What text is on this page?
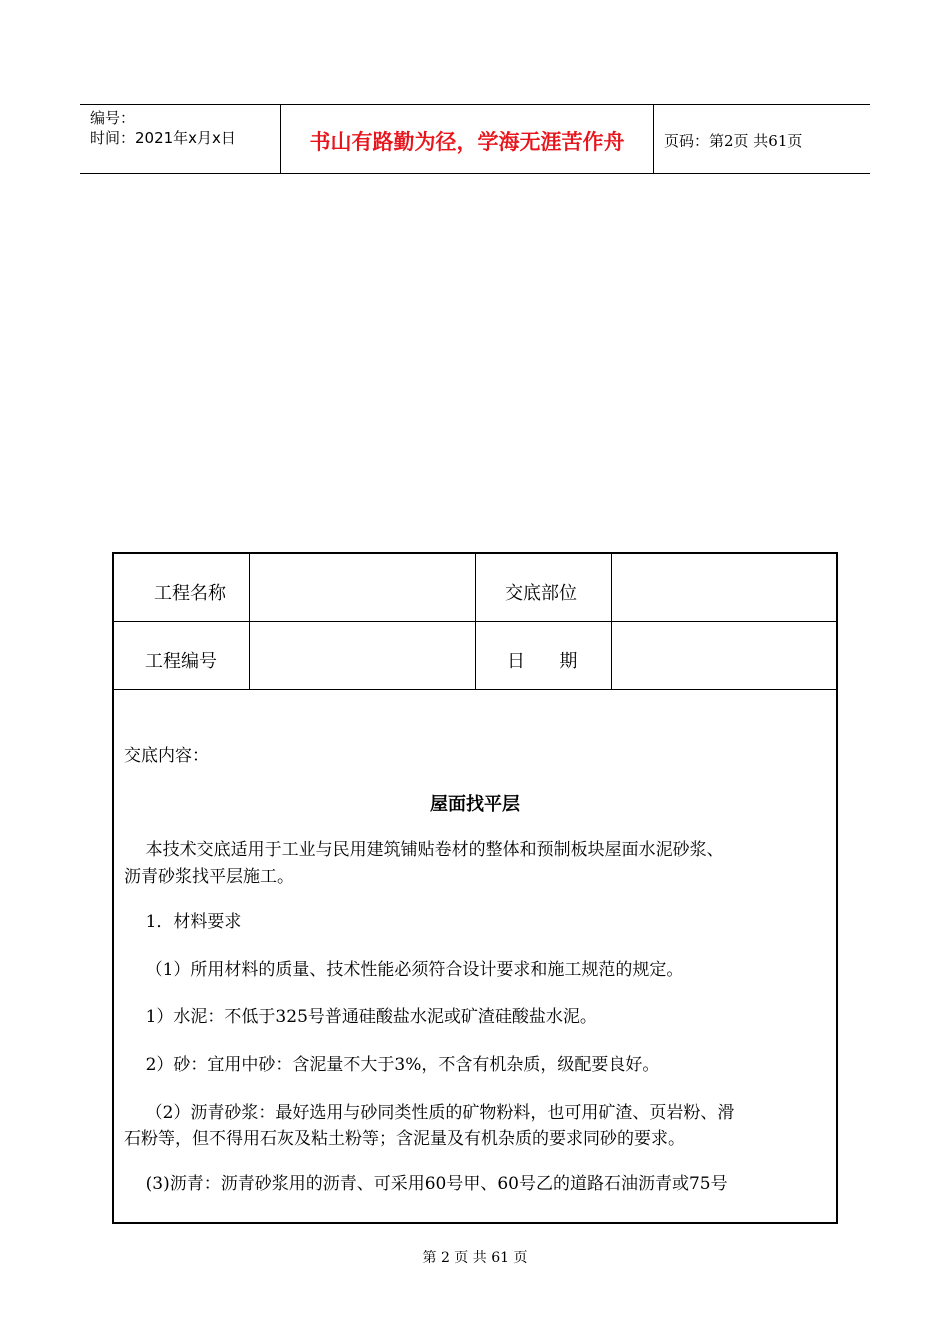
编号：
时间：2021年x月x日	书山有路勤为径，学海无涯苦作舟	页码：第2页 共61页
工程名称	交底部位
工程编号	日      期
交底内容：
屋面找平层
本技术交底适用于工业与民用建筑铺贴卷材的整体和预制板块屋面水泥砂浆、
沥青砂浆找平层施工。
1．材料要求
（1）所用材料的质量、技术性能必须符合设计要求和施工规范的规定。
1）水泥：不低于325号普通硅酸盐水泥或矿渣硅酸盐水泥。
2）砂：宜用中砂：含泥量不大于3%，不含有机杂质，级配要良好。
（2）沥青砂浆：最好选用与砂同类性质的矿物粉料，也可用矿渣、页岩粉、滑
石粉等，但不得用石灰及粘土粉等；含泥量及有机杂质的要求同砂的要求。
(3)沥青：沥青砂浆用的沥青、可采用60号甲、60号乙的道路石油沥青或75号
第 2 页 共 61 页
